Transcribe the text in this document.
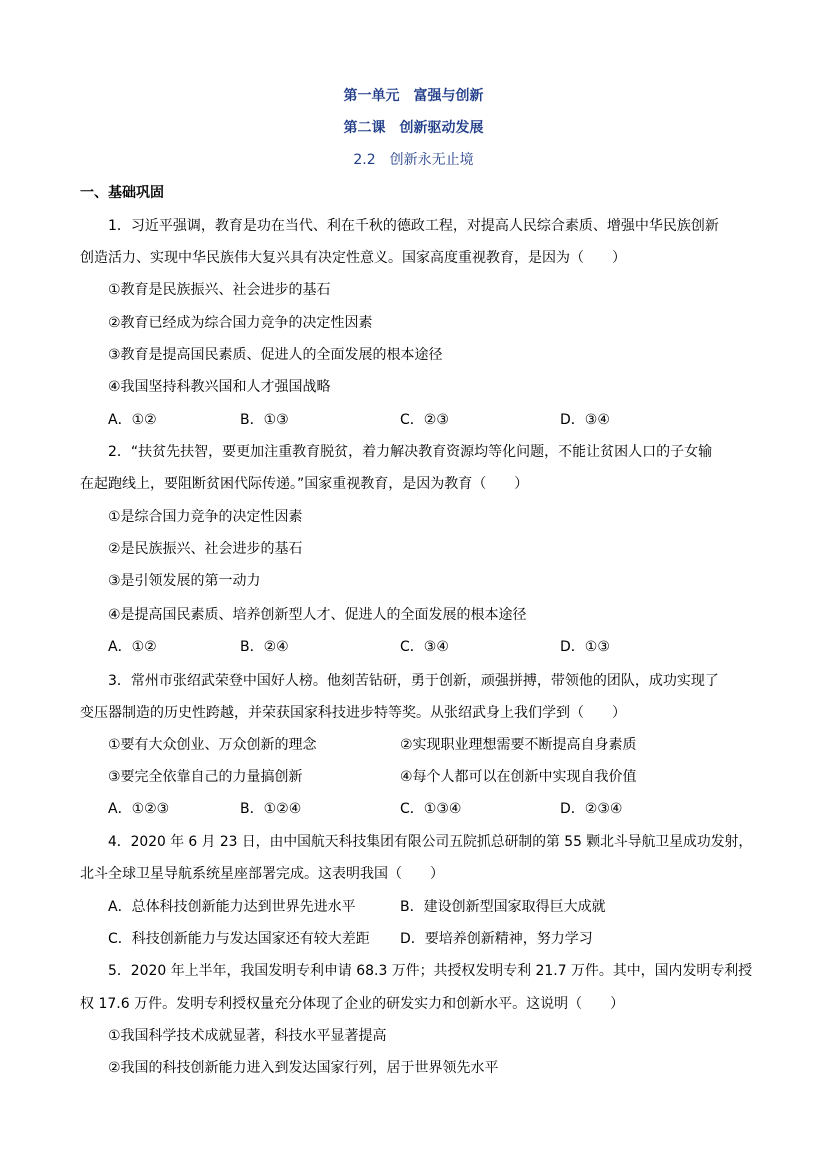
第一单元 富强与创新
第二课 创新驱动发展
2.2 创新永无止境
一、基础巩固
1．习近平强调，教育是功在当代、利在千秋的德政工程，对提高人民综合素质、增强中华民族创新
创造活力、实现中华民族伟大复兴具有决定性意义。国家高度重视教育，是因为（　　）
①教育是民族振兴、社会进步的基石
②教育已经成为综合国力竞争的决定性因素
③教育是提高国民素质、促进人的全面发展的根本途径
④我国坚持科教兴国和人才强国战略
A．①②	B．①③	C．②③	D．③④
2．“扶贫先扶智，要更加注重教育脱贫，着力解决教育资源均等化问题，不能让贫困人口的子女输
在起跑线上，要阻断贫困代际传递。”国家重视教育，是因为教育（　　）
①是综合国力竞争的决定性因素
②是民族振兴、社会进步的基石
③是引领发展的第一动力
④是提高国民素质、培养创新型人才、促进人的全面发展的根本途径
A．①②	B．②④	C．③④	D．①③
3．常州市张绍武荣登中国好人榜。他刻苦钻研，勇于创新，顽强拼搏，带领他的团队，成功实现了
变压器制造的历史性跨越，并荣获国家科技进步特等奖。从张绍武身上我们学到（　　）
①要有大众创业、万众创新的理念	②实现职业理想需要不断提高自身素质
③要完全依靠自己的力量搞创新	④每个人都可以在创新中实现自我价值
A．①②③	B．①②④	C．①③④	D．②③④
4．2020 年 6 月 23 日，由中国航天科技集团有限公司五院抓总研制的第 55 颗北斗导航卫星成功发射，
北斗全球卫星导航系统星座部署完成。这表明我国（　　）
A．总体科技创新能力达到世界先进水平	B．建设创新型国家取得巨大成就
C．科技创新能力与发达国家还有较大差距 D．要培养创新精神，努力学习
5．2020 年上半年，我国发明专利申请 68.3 万件；共授权发明专利 21.7 万件。其中，国内发明专利授
权 17.6 万件。发明专利授权量充分体现了企业的研发实力和创新水平。这说明（　　）
①我国科学技术成就显著，科技水平显著提高
②我国的科技创新能力进入到发达国家行列，居于世界领先水平
